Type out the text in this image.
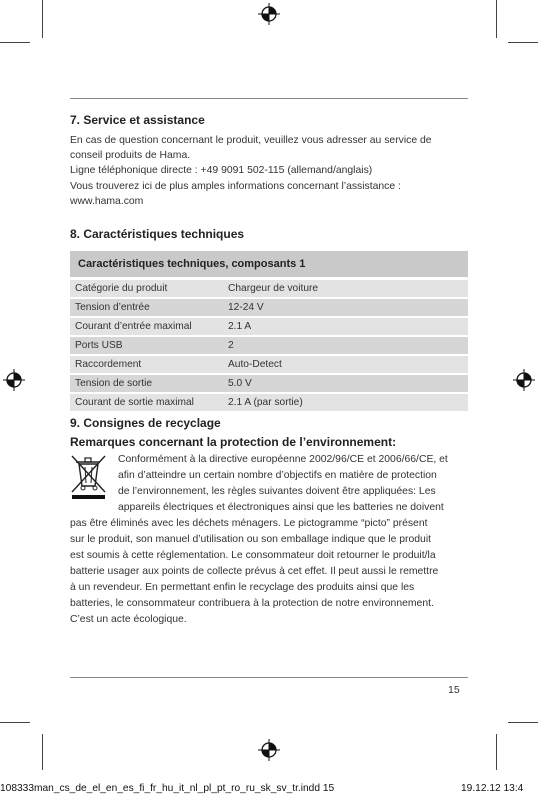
7. Service et assistance
En cas de question concernant le produit, veuillez vous adresser au service de
conseil produits de Hama.
Ligne téléphonique directe : +49 9091 502-115 (allemand/anglais)
Vous trouverez ici de plus amples informations concernant l’assistance :
www.hama.com
8. Caractéristiques techniques
Caractéristiques techniques, composants 1
Catégorie du produit	Chargeur de voiture
Tension d’entrée	12-24 V
Courant d’entrée maximal	2.1 A
Ports USB	2
Raccordement	Auto-Detect
Tension de sortie	5.0 V
Courant de sortie maximal	2.1 A (par sortie)
9. Consignes de recyclage
Remarques concernant la protection de l’environnement:
Conformément à la directive européenne 2002/96/CE et 2006/66/CE, et
afin d’atteindre un certain nombre d’objectifs en matière de protection
de l’environnement, les règles suivantes doivent être appliquées: Les
appareils électriques et électroniques ainsi que les batteries ne doivent
pas être éliminés avec les déchets ménagers. Le pictogramme “picto” présent
sur le produit, son manuel d’utilisation ou son emballage indique que le produit
est soumis à cette réglementation. Le consommateur doit retourner le produit/la
batterie usager aux points de collecte prévus à cet effet. Il peut aussi le remettre
à un revendeur. En permettant enfin le recyclage des produits ainsi que les
batteries, le consommateur contribuera à la protection de notre environnement.
C’est un acte écologique.
15
108333man_cs_de_el_en_es_fi_fr_hu_it_nl_pl_pt_ro_ru_sk_sv_tr.indd 15	19.12.12 13:4
